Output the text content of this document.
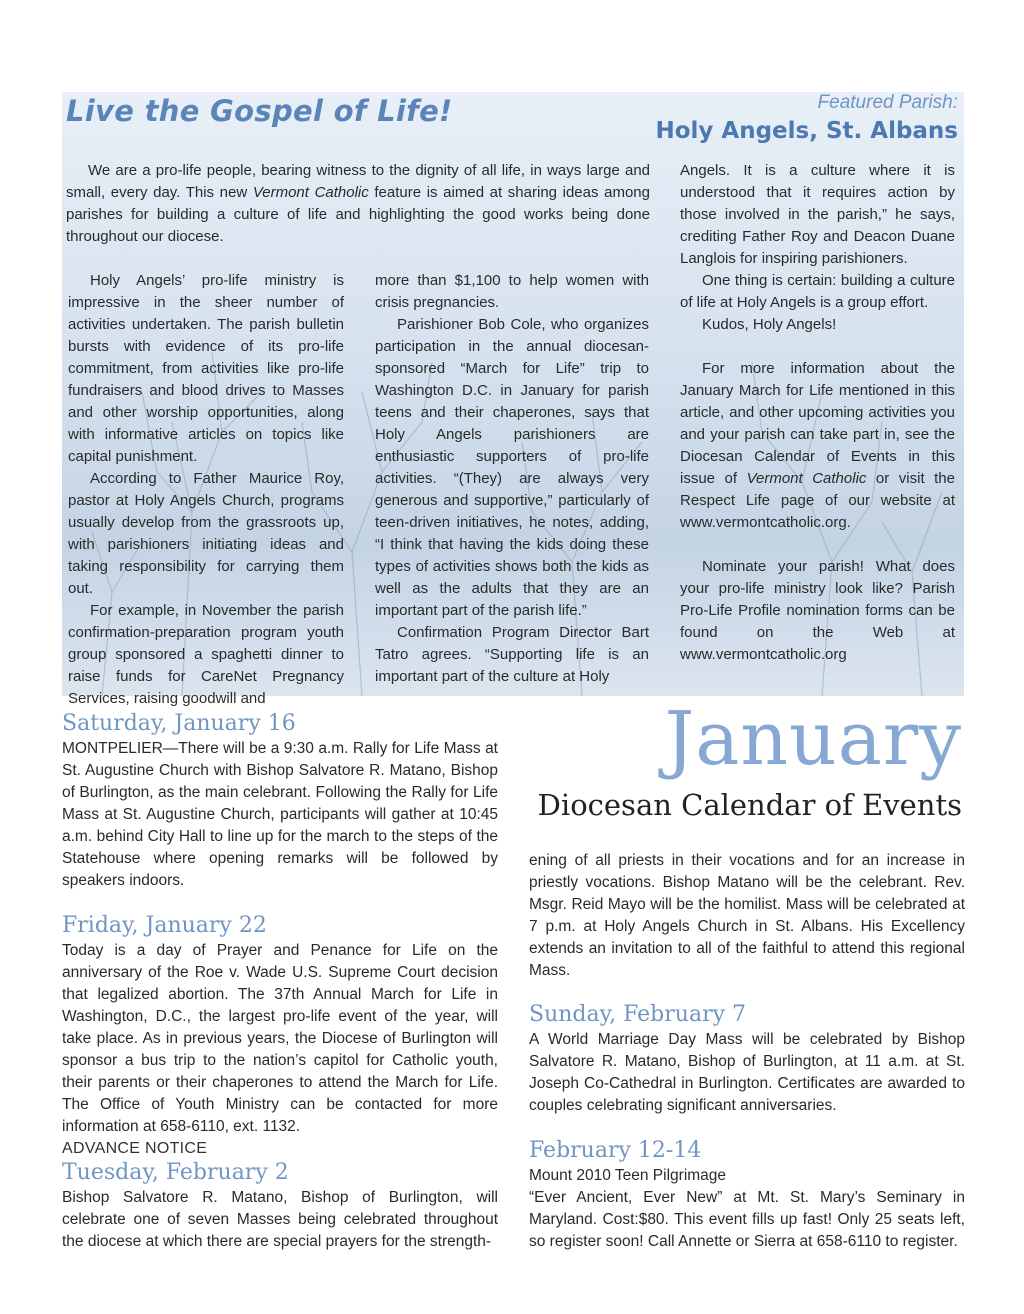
Live the Gospel of Life!	Featured Parish:
Holy Angels, St. Albans

We are a pro-life people, bearing witness to the dignity of all life, in ways large and small, every day. This new Vermont Catholic feature is aimed at sharing ideas among parishes for building a culture of life and highlighting the good works being done throughout our diocese.

Holy Angels’ pro-life ministry is impressive in the sheer number of activities undertaken. The parish bulletin bursts with evidence of its pro-life commitment, from activities like pro-life fundraisers and blood drives to Masses and other worship opportunities, along with informative articles on topics like capital punishment.

According to Father Maurice Roy, pastor at Holy Angels Church, programs usually develop from the grassroots up, with parishioners initiating ideas and taking responsibility for carrying them out.

For example, in November the parish confirmation-preparation program youth group sponsored a spaghetti dinner to raise funds for CareNet Pregnancy Services, raising goodwill and

more than $1,100 to help women with crisis pregnancies.

Parishioner Bob Cole, who organizes participation in the annual diocesan-sponsored “March for Life” trip to Washington D.C. in January for parish teens and their chaperones, says that Holy Angels parishioners are enthusiastic supporters of pro-life activities. “(They) are always very generous and supportive,” particularly of teen-driven initiatives, he notes, adding, “I think that having the kids doing these types of activities shows both the kids as well as the adults that they are an important part of the parish life.”

Confirmation Program Director Bart Tatro agrees. “Supporting life is an important part of the culture at Holy

Angels. It is a culture where it is understood that it requires action by those involved in the parish,” he says, crediting Father Roy and Deacon Duane Langlois for inspiring parishioners.

One thing is certain: building a culture of life at Holy Angels is a group effort.

Kudos, Holy Angels!

For more information about the January March for Life mentioned in this article, and other upcoming activities you and your parish can take part in, see the Diocesan Calendar of Events in this issue of Vermont Catholic or visit the Respect Life page of our website at www.vermontcatholic.org.

Nominate your parish! What does your pro-life ministry look like? Parish Pro-Life Profile nomination forms can be found on the Web at www.vermontcatholic.org

January
Diocesan Calendar of Events
Saturday, January 16
MONTPELIER—There will be a 9:30 a.m. Rally for Life Mass at St. Augustine Church with Bishop Salvatore R. Matano, Bishop of Burlington, as the main celebrant. Following the Rally for Life Mass at St. Augustine Church, participants will gather at 10:45 a.m. behind City Hall to line up for the march to the steps of the Statehouse where opening remarks will be followed by speakers indoors.
Friday, January 22
Today is a day of Prayer and Penance for Life on the anniversary of the Roe v. Wade U.S. Supreme Court decision that legalized abortion. The 37th Annual March for Life in Washington, D.C., the largest pro-life event of the year, will take place. As in previous years, the Diocese of Burlington will sponsor a bus trip to the nation’s capitol for Catholic youth, their parents or their chaperones to attend the March for Life. The Office of Youth Ministry can be contacted for more information at 658-6110, ext. 1132.
ADVANCE NOTICE
Tuesday, February 2
Bishop Salvatore R. Matano, Bishop of Burlington, will celebrate one of seven Masses being celebrated throughout the diocese at which there are special prayers for the strength-
ening of all priests in their vocations and for an increase in priestly vocations. Bishop Matano will be the celebrant. Rev. Msgr. Reid Mayo will be the homilist. Mass will be celebrated at 7 p.m. at Holy Angels Church in St. Albans. His Excellency extends an invitation to all of the faithful to attend this regional Mass.
Sunday, February 7
A World Marriage Day Mass will be celebrated by Bishop Salvatore R. Matano, Bishop of Burlington, at 11 a.m. at St. Joseph Co-Cathedral in Burlington. Certificates are awarded to couples celebrating significant anniversaries.
February 12-14
Mount 2010 Teen Pilgrimage
“Ever Ancient, Ever New” at Mt. St. Mary’s Seminary in Maryland. Cost:$80. This event fills up fast! Only 25 seats left, so register soon! Call Annette or Sierra at 658-6110 to register.
